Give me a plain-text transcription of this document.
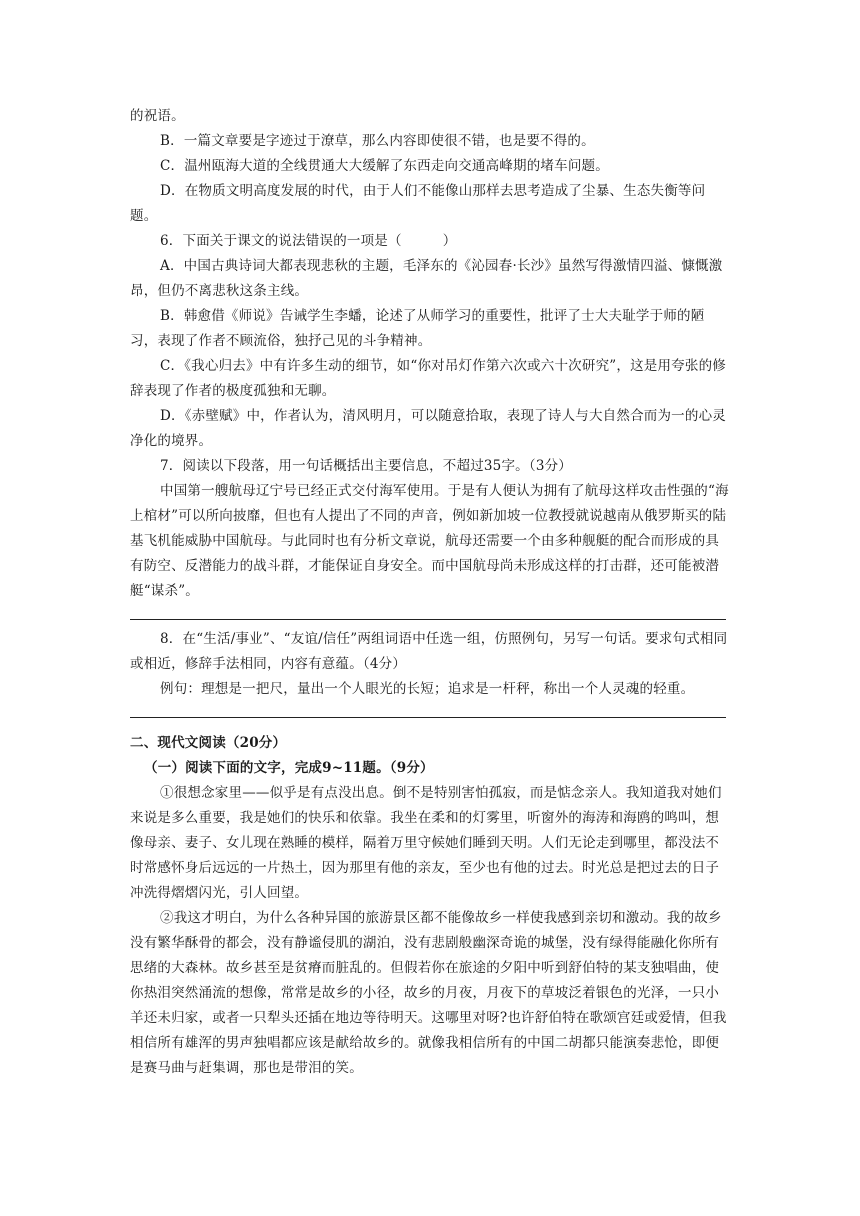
的祝语。

B．一篇文章要是字迹过于潦草，那么内容即使很不错，也是要不得的。

C．温州瓯海大道的全线贯通大大缓解了东西走向交通高峰期的堵车问题。

D．在物质文明高度发展的时代，由于人们不能像山那样去思考造成了尘暴、生态失衡等问题。

6．下面关于课文的说法错误的一项是（　　　）

A．中国古典诗词大都表现悲秋的主题，毛泽东的《沁园春·长沙》虽然写得激情四溢、慷慨激昂，但仍不离悲秋这条主线。

B．韩愈借《师说》告诫学生李蟠，论述了从师学习的重要性，批评了士大夫耻学于师的陋习，表现了作者不顾流俗，独抒己见的斗争精神。

C．《我心归去》中有许多生动的细节，如“你对吊灯作第六次或六十次研究”，这是用夸张的修辞表现了作者的极度孤独和无聊。

D．《赤壁赋》中，作者认为，清风明月，可以随意拾取，表现了诗人与大自然合而为一的心灵净化的境界。

7．阅读以下段落，用一句话概括出主要信息，不超过35字。（3分）

中国第一艘航母辽宁号已经正式交付海军使用。于是有人便认为拥有了航母这样攻击性强的“海上棺材”可以所向披靡，但也有人提出了不同的声音，例如新加坡一位教授就说越南从俄罗斯买的陆基飞机能威胁中国航母。与此同时也有分析文章说，航母还需要一个由多种舰艇的配合而形成的具有防空、反潜能力的战斗群，才能保证自身安全。而中国航母尚未形成这样的打击群，还可能被潜艇“谋杀”。

8．在“生活/事业”、“友谊/信任”两组词语中任选一组，仿照例句，另写一句话。要求句式相同或相近，修辞手法相同，内容有意蕴。（4分）

例句：理想是一把尺，量出一个人眼光的长短；追求是一杆秤，称出一个人灵魂的轻重。

二、现代文阅读（20分）

（一）阅读下面的文字，完成9~11题。（9分）

①很想念家里——似乎是有点没出息。倒不是特别害怕孤寂，而是惦念亲人。我知道我对她们来说是多么重要，我是她们的快乐和依靠。我坐在柔和的灯雾里，听窗外的海涛和海鸥的鸣叫，想像母亲、妻子、女儿现在熟睡的模样，隔着万里守候她们睡到天明。人们无论走到哪里，都没法不时常感怀身后远远的一片热土，因为那里有他的亲友，至少也有他的过去。时光总是把过去的日子冲洗得熠熠闪光，引人回望。

②我这才明白，为什么各种异国的旅游景区都不能像故乡一样使我感到亲切和激动。我的故乡没有繁华酥骨的都会，没有静谧侵肌的湖泊，没有悲剧般幽深奇诡的城堡，没有绿得能融化你所有思绪的大森林。故乡甚至是贫瘠而脏乱的。但假若你在旅途的夕阳中听到舒伯特的某支独唱曲，使你热泪突然涌流的想像，常常是故乡的小径，故乡的月夜，月夜下的草坡泛着银色的光泽，一只小羊还未归家，或者一只犁头还插在地边等待明天。这哪里对呀?也许舒伯特在歌颂宫廷或爱情，但我相信所有雄浑的男声独唱都应该是献给故乡的。就像我相信所有的中国二胡都只能演奏悲怆，即便是赛马曲与赶集调，那也是带泪的笑。
